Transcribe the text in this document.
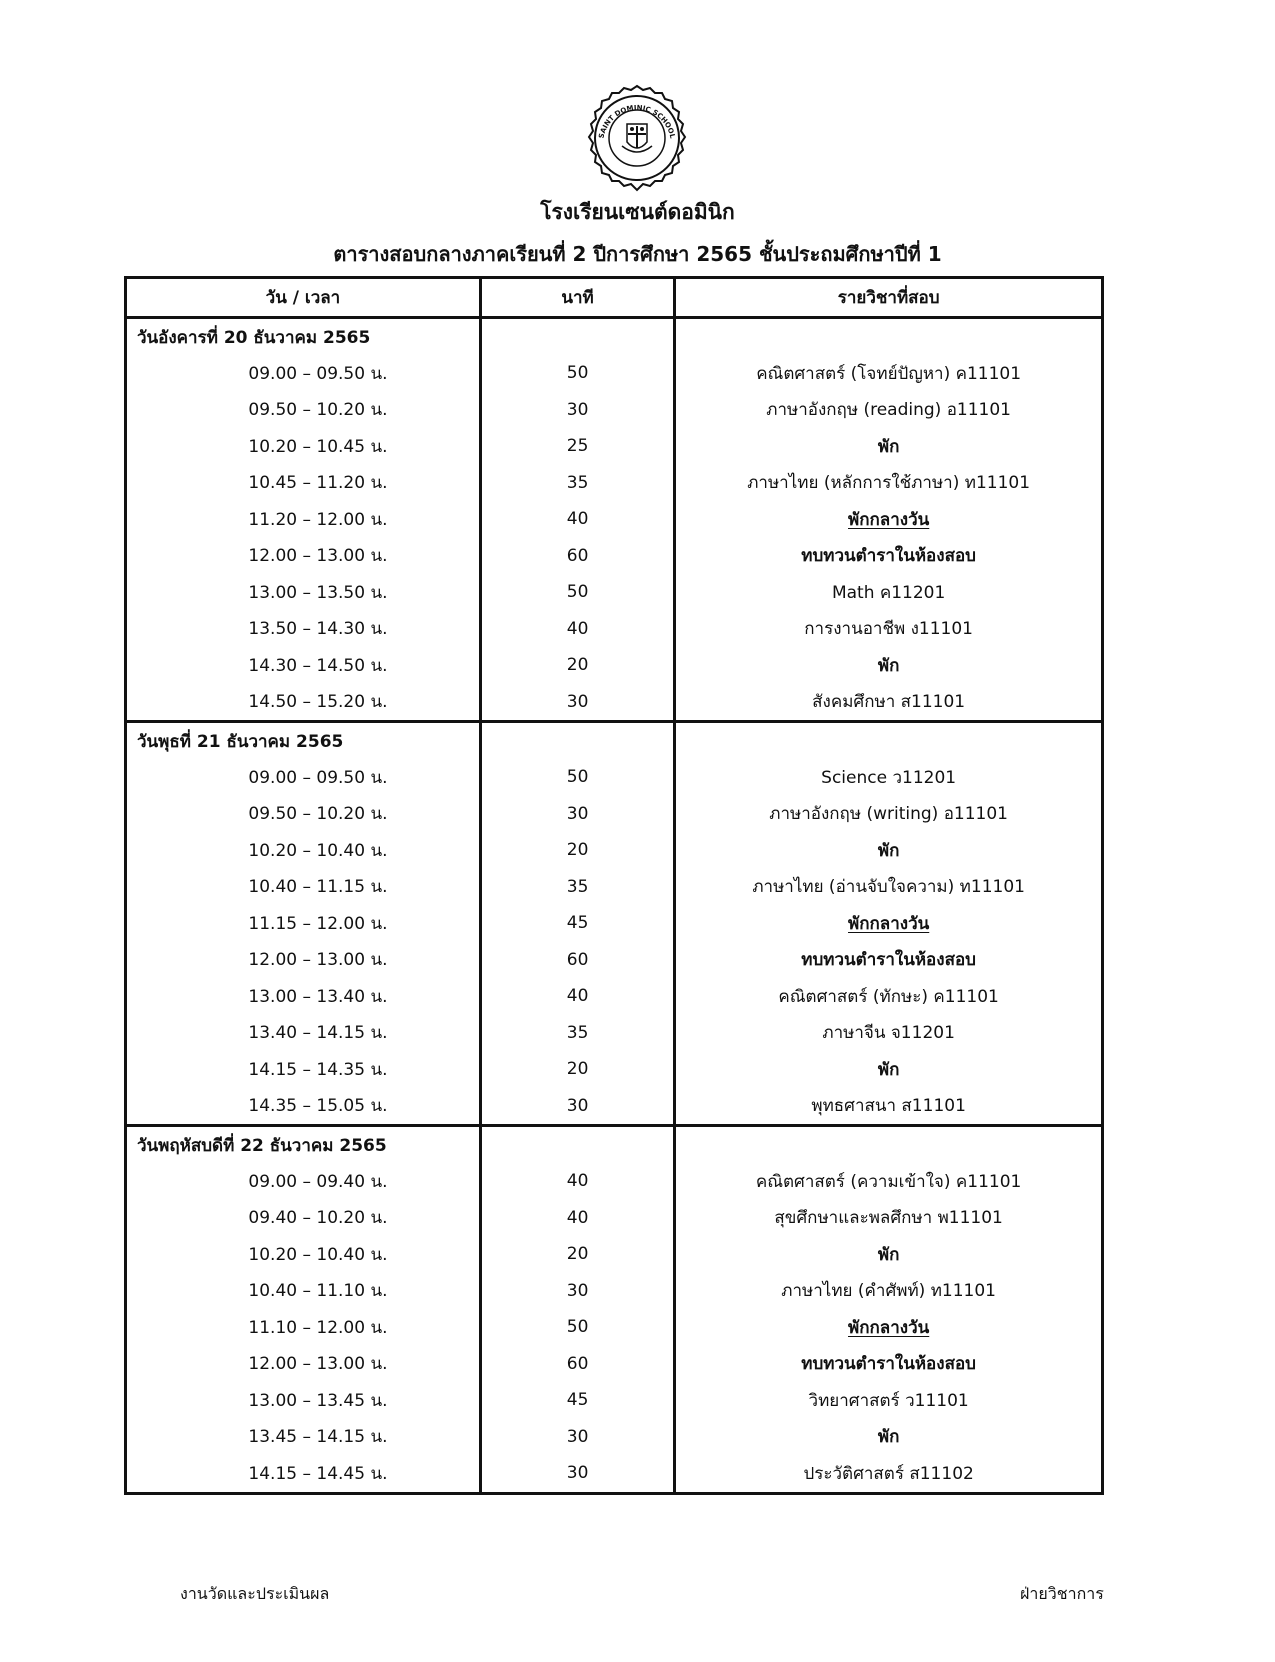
SAINT DOMINIC SCHOOL
โรงเรียนเซนต์ดอมินิก
ตารางสอบกลางภาคเรียนที่ 2 ปีการศึกษา 2565 ชั้นประถมศึกษาปีที่ 1
วัน / เวลา	นาที	รายวิชาที่สอบ
วันอังคารที่ 20 ธันวาคม 2565		
09.00 – 09.50 น.	50	คณิตศาสตร์ (โจทย์ปัญหา) ค11101
09.50 – 10.20 น.	30	ภาษาอังกฤษ (reading) อ11101
10.20 – 10.45 น.	25	พัก
10.45 – 11.20 น.	35	ภาษาไทย (หลักการใช้ภาษา) ท11101
11.20 – 12.00 น.	40	พักกลางวัน
12.00 – 13.00 น.	60	ทบทวนตำราในห้องสอบ
13.00 – 13.50 น.	50	Math ค11201
13.50 – 14.30 น.	40	การงานอาชีพ ง11101
14.30 – 14.50 น.	20	พัก
14.50 – 15.20 น.	30	สังคมศึกษา ส11101
วันพุธที่ 21 ธันวาคม 2565		
09.00 – 09.50 น.	50	Science ว11201
09.50 – 10.20 น.	30	ภาษาอังกฤษ (writing) อ11101
10.20 – 10.40 น.	20	พัก
10.40 – 11.15 น.	35	ภาษาไทย (อ่านจับใจความ) ท11101
11.15 – 12.00 น.	45	พักกลางวัน
12.00 – 13.00 น.	60	ทบทวนตำราในห้องสอบ
13.00 – 13.40 น.	40	คณิตศาสตร์ (ทักษะ) ค11101
13.40 – 14.15 น.	35	ภาษาจีน จ11201
14.15 – 14.35 น.	20	พัก
14.35 – 15.05 น.	30	พุทธศาสนา ส11101
วันพฤหัสบดีที่ 22 ธันวาคม 2565		
09.00 – 09.40 น.	40	คณิตศาสตร์ (ความเข้าใจ) ค11101
09.40 – 10.20 น.	40	สุขศึกษาและพลศึกษา พ11101
10.20 – 10.40 น.	20	พัก
10.40 – 11.10 น.	30	ภาษาไทย (คำศัพท์) ท11101
11.10 – 12.00 น.	50	พักกลางวัน
12.00 – 13.00 น.	60	ทบทวนตำราในห้องสอบ
13.00 – 13.45 น.	45	วิทยาศาสตร์ ว11101
13.45 – 14.15 น.	30	พัก
14.15 – 14.45 น.	30	ประวัติศาสตร์ ส11102
งานวัดและประเมินผล	ฝ่ายวิชาการ
